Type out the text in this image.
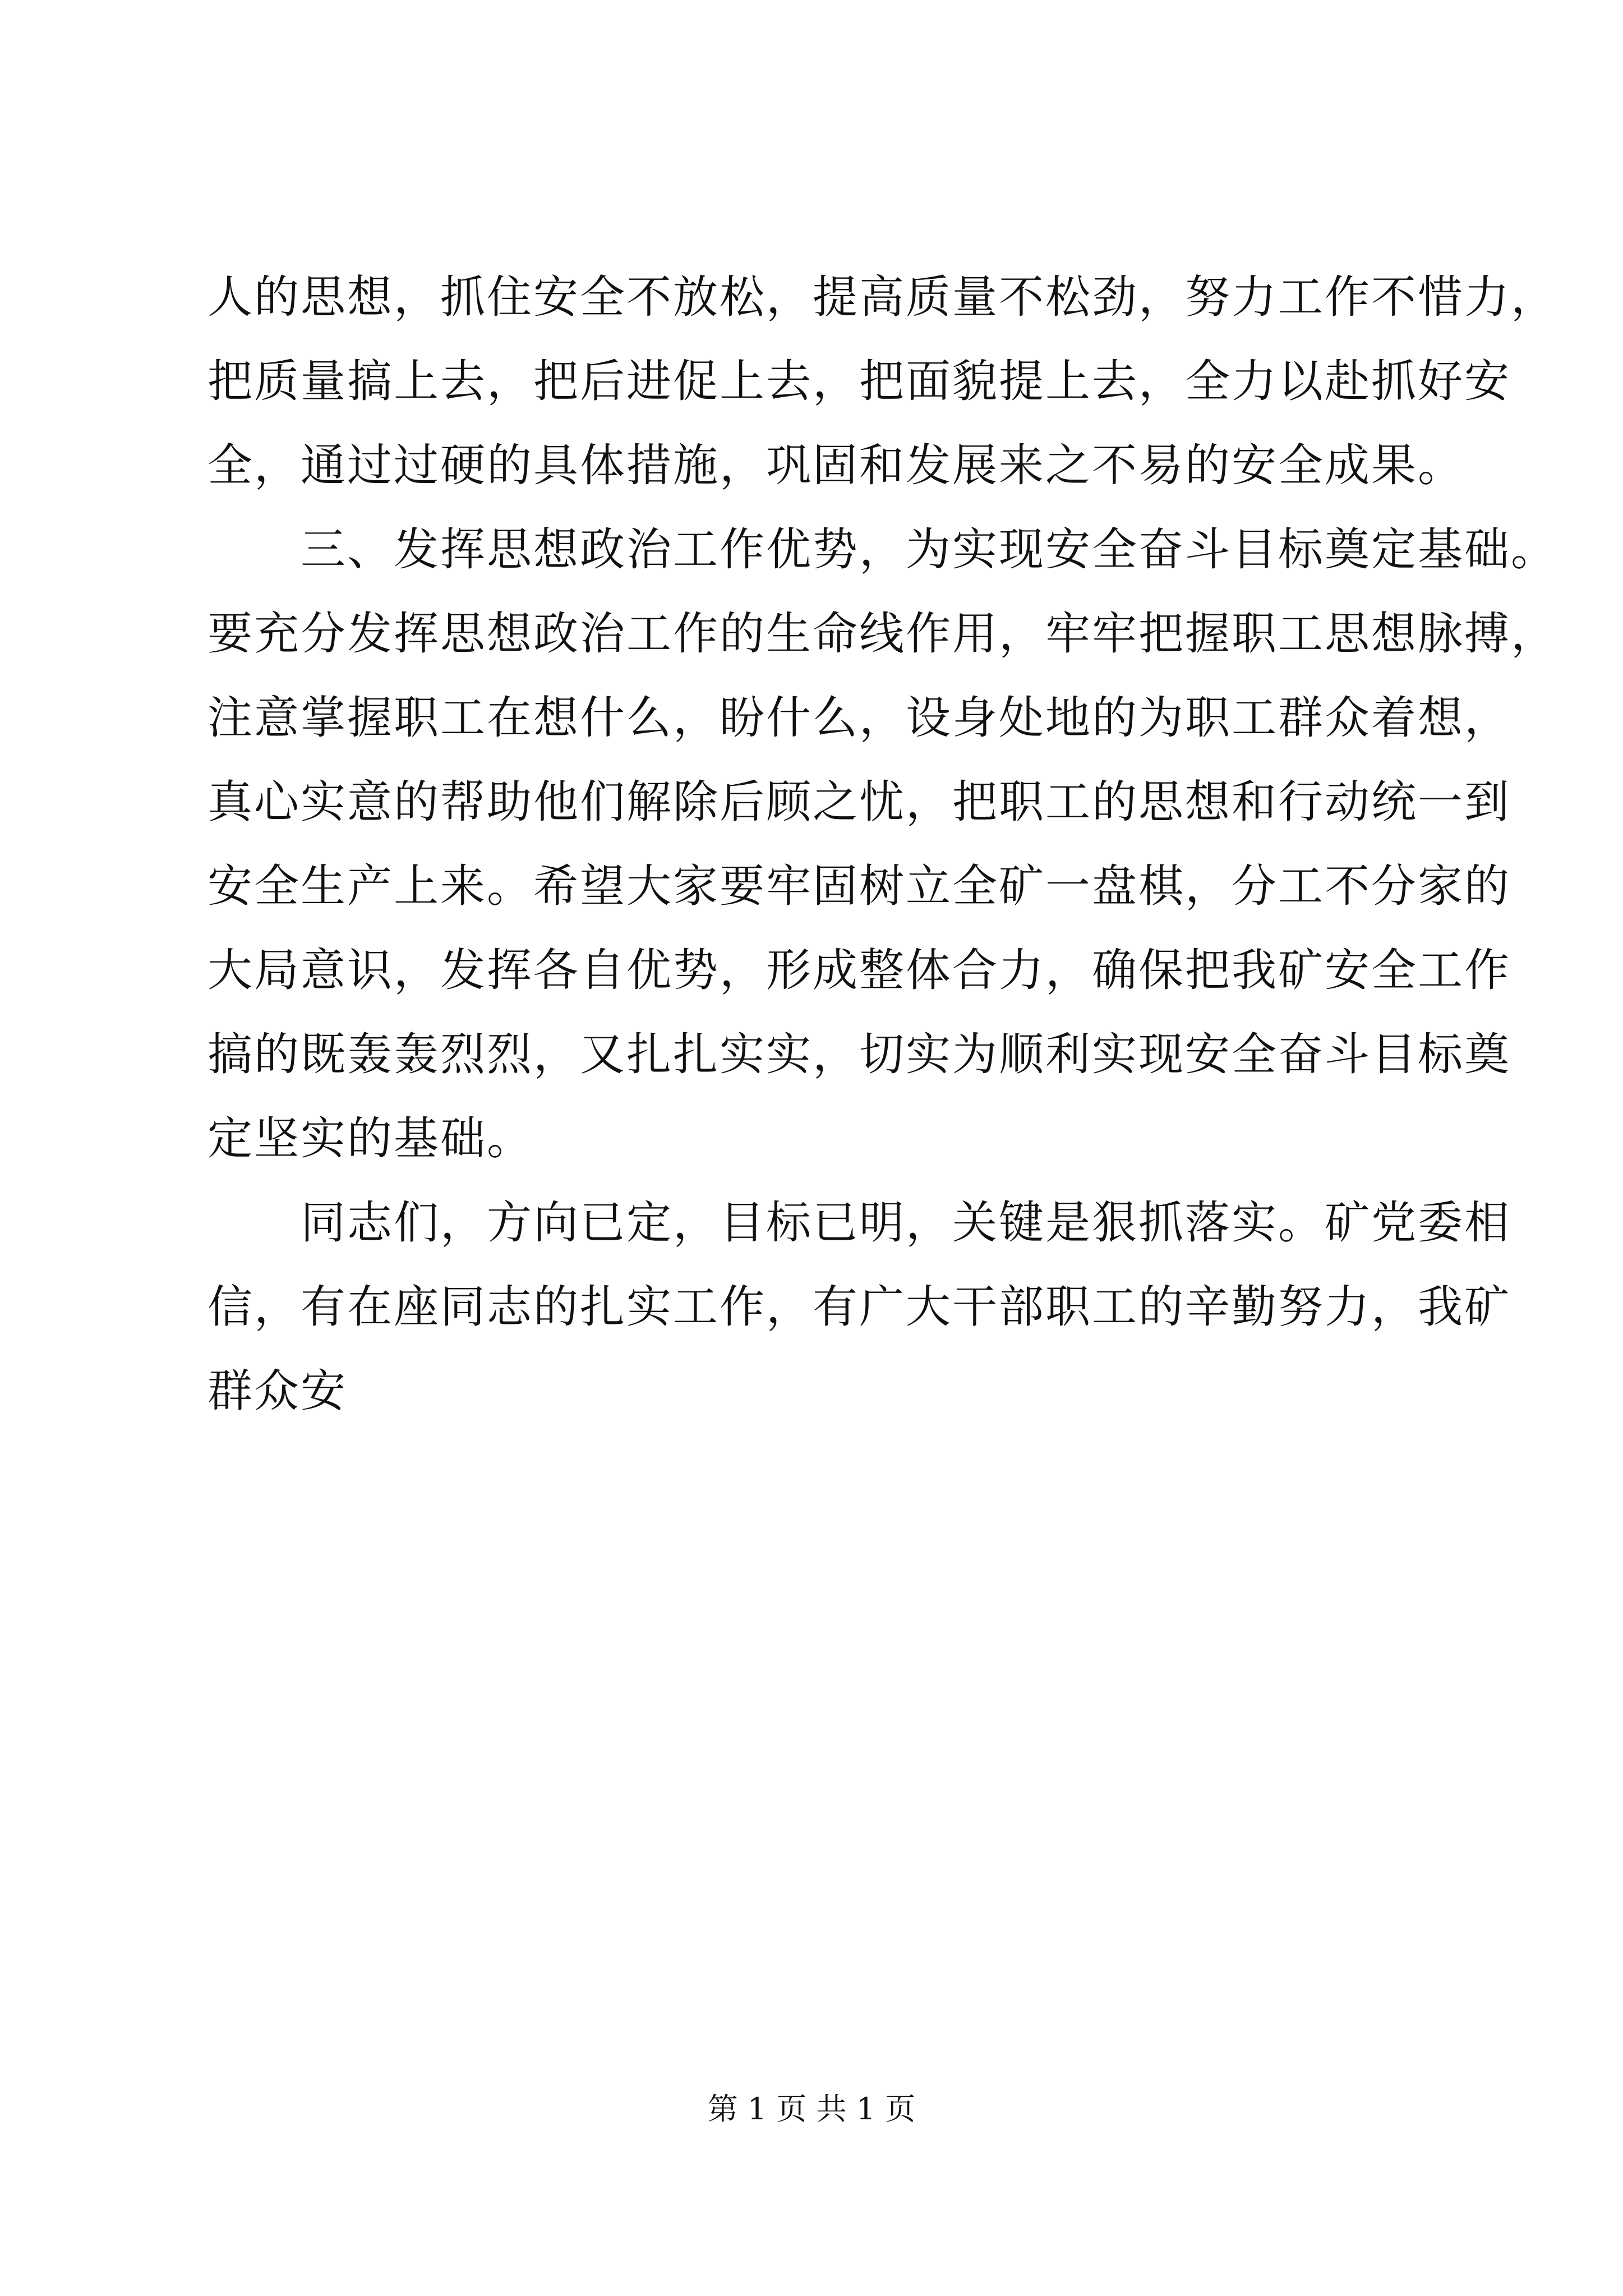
人的思想，抓住安全不放松，提高质量不松劲，努力工作不惜力，
把质量搞上去，把后进促上去，把面貌提上去，全力以赴抓好安
全，通过过硬的具体措施，巩固和发展来之不易的安全成果。
　　三、发挥思想政治工作优势，为实现安全奋斗目标奠定基础。
要充分发挥思想政治工作的生命线作用，牢牢把握职工思想脉搏，
注意掌握职工在想什么，盼什么，设身处地的为职工群众着想，
真心实意的帮助他们解除后顾之忧，把职工的思想和行动统一到
安全生产上来。希望大家要牢固树立全矿一盘棋，分工不分家的
大局意识，发挥各自优势，形成整体合力，确保把我矿安全工作
搞的既轰轰烈烈，又扎扎实实，切实为顺利实现安全奋斗目标奠
定坚实的基础。
　　同志们，方向已定，目标已明，关键是狠抓落实。矿党委相
信，有在座同志的扎实工作，有广大干部职工的辛勤努力，我矿
群众安
第 1 页 共 1 页
